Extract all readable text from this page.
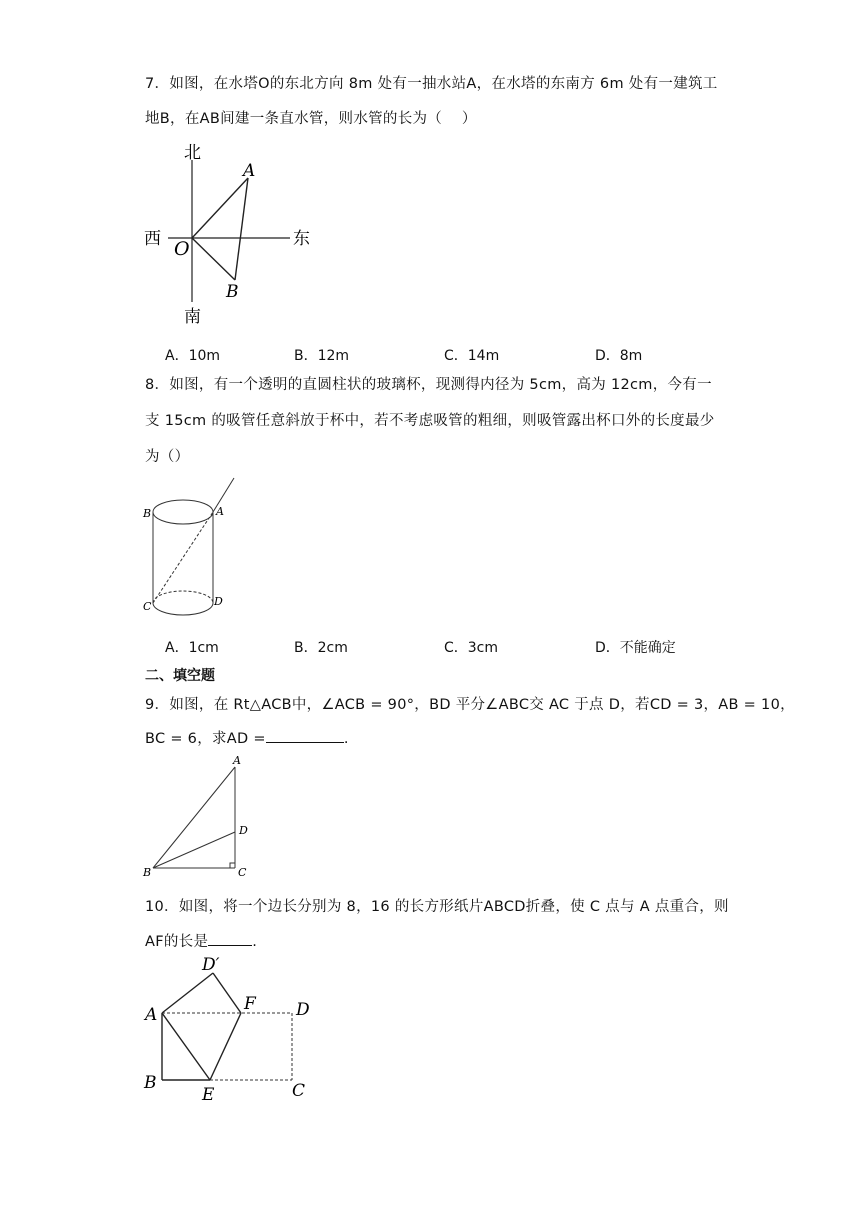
7．如图，在水塔O的东北方向 8m 处有一抽水站A，在水塔的东南方 6m 处有一建筑工
地B，在AB间建一条直水管，则水管的长为（　 ）
北
南
西	东
O
A
B
A．10m	B．12m	C．14m	D．8m
8．如图，有一个透明的直圆柱状的玻璃杯，现测得内径为 5cm，高为 12cm，今有一
支 15cm 的吸管任意斜放于杯中，若不考虑吸管的粗细，则吸管露出杯口外的长度最少
为（）
B	A
C	D
A．1cm	B．2cm	C．3cm	D．不能确定
二、填空题
9．如图，在 Rt△ACB中，∠ACB = 90°，BD 平分∠ABC交 AC 于点 D，若CD = 3，AB = 10，
BC = 6，求AD =	.
A
D
B	C
10．如图，将一个边长分别为 8，16 的长方形纸片ABCD折叠，使 C 点与 A 点重合，则
AF的长是	.
D′
A
F D
B
E	C
